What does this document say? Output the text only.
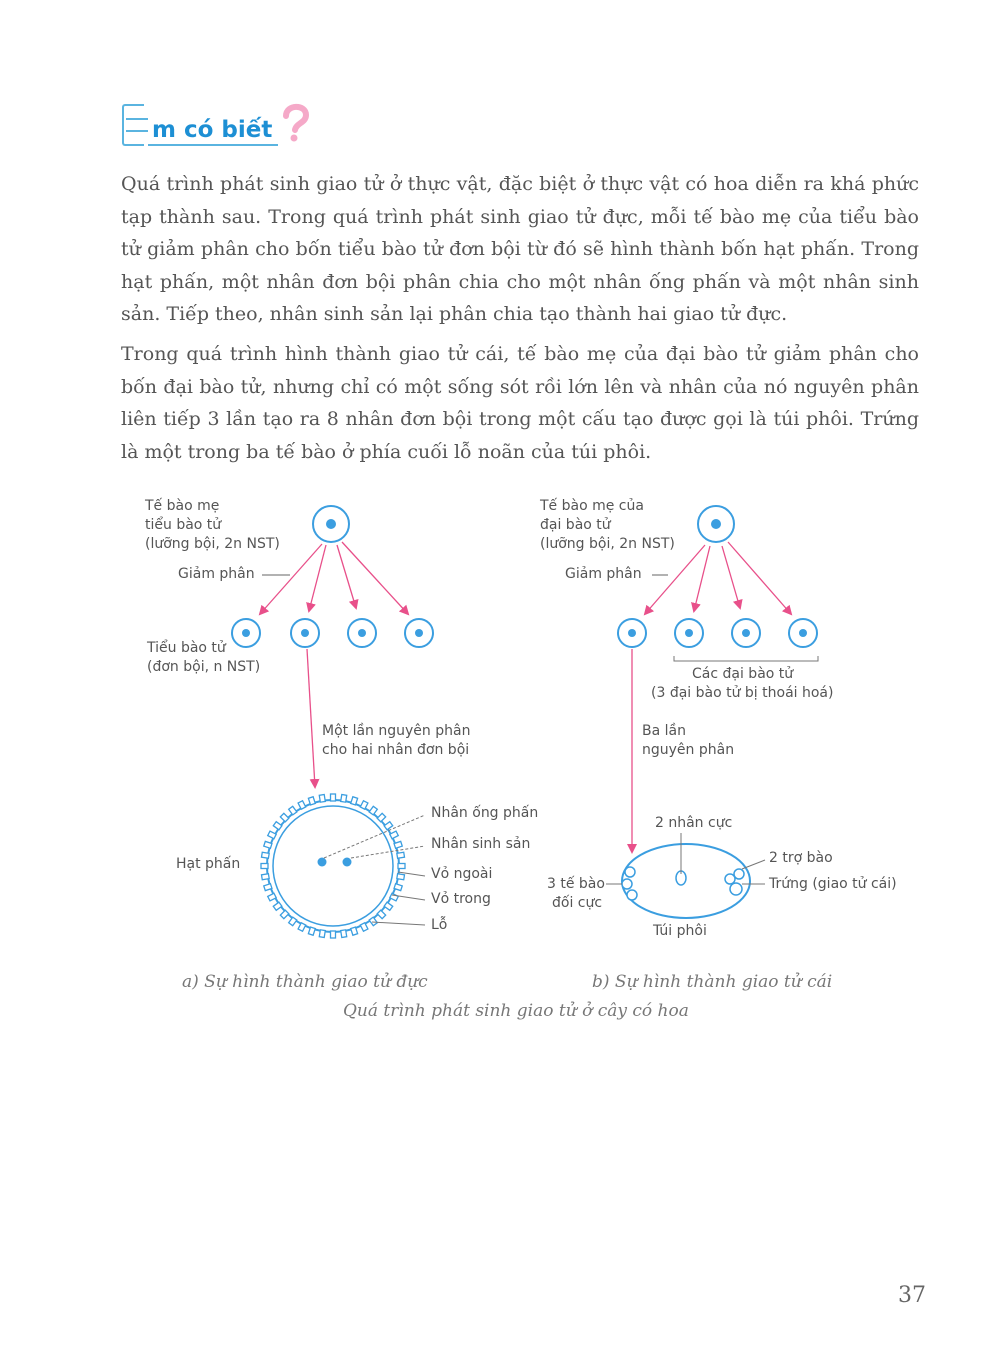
m có biết

Quá trình phát sinh giao tử ở thực vật, đặc biệt ở thực vật có hoa diễn ra khá phức tạp thành sau. Trong quá trình phát sinh giao tử đực, mỗi tế bào mẹ của tiểu bào tử giảm phân cho bốn tiểu bào tử đơn bội từ đó sẽ hình thành bốn hạt phấn. Trong hạt phấn, một nhân đơn bội phân chia cho một nhân ống phấn và một nhân sinh sản. Tiếp theo, nhân sinh sản lại phân chia tạo thành hai giao tử đực.

Trong quá trình hình thành giao tử cái, tế bào mẹ của đại bào tử giảm phân cho bốn đại bào tử, nhưng chỉ có một sống sót rồi lớn lên và nhân của nó nguyên phân liên tiếp 3 lần tạo ra 8 nhân đơn bội trong một cấu tạo được gọi là túi phôi. Trứng là một trong ba tế bào ở phía cuối lỗ noãn của túi phôi.

Tế bào mẹ
tiểu bào tử
(lưỡng bội, 2n NST)
Giảm phân
Tiểu bào tử
(đơn bội, n NST)
Một lần nguyên phân
cho hai nhân đơn bội
Hạt phấn
Nhân ống phấn
Nhân sinh sản
Vỏ ngoài
Vỏ trong
Lỗ
Tế bào mẹ của
đại bào tử
(lưỡng bội, 2n NST)
Giảm phân
Các đại bào tử
(3 đại bào tử bị thoái hoá)
Ba lần
nguyên phân
2 nhân cực
3 tế bào
đối cực
2 trợ bào
Trứng (giao tử cái)
Túi phôi
a) Sự hình thành giao tử đực	b) Sự hình thành giao tử cái
Quá trình phát sinh giao tử ở cây có hoa
37
